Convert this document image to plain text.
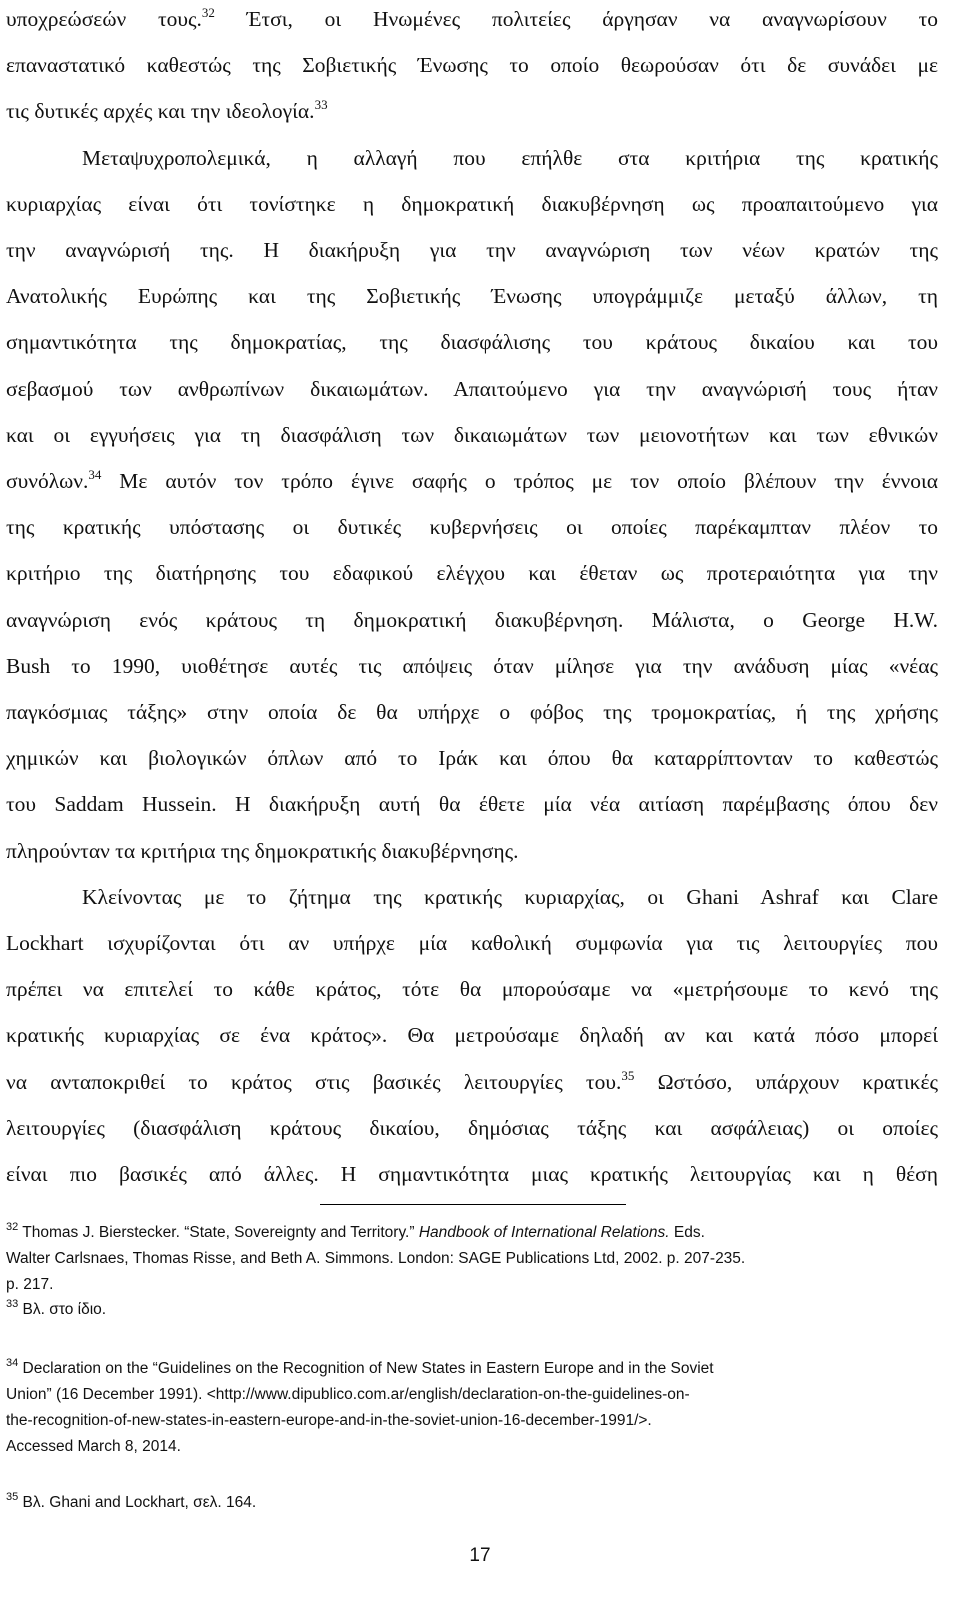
υποχρεώσεών τους.$^{32}$ Έτσι, οι Ηνωμένες πολιτείες άργησαν να αναγνωρίσουν το
επαναστατικό καθεστώς της Σοβιετικής Ένωσης το οποίο θεωρούσαν ότι δε συνάδει με
τις δυτικές αρχές και την ιδεολογία.$^{33}$
Μεταψυχροπολεμικά, η αλλαγή που επήλθε στα κριτήρια της κρατικής
κυριαρχίας είναι ότι τονίστηκε η δημοκρατική διακυβέρνηση ως προαπαιτούμενο για
την αναγνώρισή της. Η διακήρυξη για την αναγνώριση των νέων κρατών της
Ανατολικής Ευρώπης και της Σοβιετικής Ένωσης υπογράμμιζε μεταξύ άλλων, τη
σημαντικότητα της δημοκρατίας, της διασφάλισης του κράτους δικαίου και του
σεβασμού των ανθρωπίνων δικαιωμάτων. Απαιτούμενο για την αναγνώρισή τους ήταν
και οι εγγυήσεις για τη διασφάλιση των δικαιωμάτων των μειονοτήτων και των εθνικών
συνόλων.$^{34}$ Με αυτόν τον τρόπο έγινε σαφής ο τρόπος με τον οποίο βλέπουν την έννοια
της κρατικής υπόστασης οι δυτικές κυβερνήσεις οι οποίες παρέκαμπταν πλέον το
κριτήριο της διατήρησης του εδαφικού ελέγχου και έθεταν ως προτεραιότητα για την
αναγνώριση ενός κράτους τη δημοκρατική διακυβέρνηση. Μάλιστα, ο George H.W.
Bush το 1990, υιοθέτησε αυτές τις απόψεις όταν μίλησε για την ανάδυση μίας «νέας
παγκόσμιας τάξης» στην οποία δε θα υπήρχε ο φόβος της τρομοκρατίας, ή της χρήσης
χημικών και βιολογικών όπλων από το Ιράκ και όπου θα καταρρίπτονταν το καθεστώς
του Saddam Hussein. Η διακήρυξη αυτή θα έθετε μία νέα αιτίαση παρέμβασης όπου δεν
πληρούνταν τα κριτήρια της δημοκρατικής διακυβέρνησης.
Κλείνοντας με το ζήτημα της κρατικής κυριαρχίας, οι Ghani Ashraf και Clare
Lockhart ισχυρίζονται ότι αν υπήρχε μία καθολική συμφωνία για τις λειτουργίες που
πρέπει να επιτελεί το κάθε κράτος, τότε θα μπορούσαμε να «μετρήσουμε το κενό της
κρατικής κυριαρχίας σε ένα κράτος». Θα μετρούσαμε δηλαδή αν και κατά πόσο μπορεί
να ανταποκριθεί το κράτος στις βασικές λειτουργίες του.$^{35}$ Ωστόσο, υπάρχουν κρατικές
λειτουργίες (διασφάλιση κράτους δικαίου, δημόσιας τάξης και ασφάλειας) οι οποίες
είναι πιο βασικές από άλλες. Η σημαντικότητα μιας κρατικής λειτουργίας και η θέση
$^{32}$ Thomas J. Bierstecker. “State, Sovereignty and Territory.” Handbook of International Relations. Eds.
Walter Carlsnaes, Thomas Risse, and Beth A. Simmons. London: SAGE Publications Ltd, 2002. p. 207-235.
p. 217.
$^{33}$ Βλ. στο ίδιο.
$^{34}$ Declaration on the “Guidelines on the Recognition of New States in Eastern Europe and in the Soviet
Union” (16 December 1991). <http://www.dipublico.com.ar/english/declaration-on-the-guidelines-on-
the-recognition-of-new-states-in-eastern-europe-and-in-the-soviet-union-16-december-1991/>.
Accessed March 8, 2014.
$^{35}$ Βλ. Ghani and Lockhart, σελ. 164.
17
